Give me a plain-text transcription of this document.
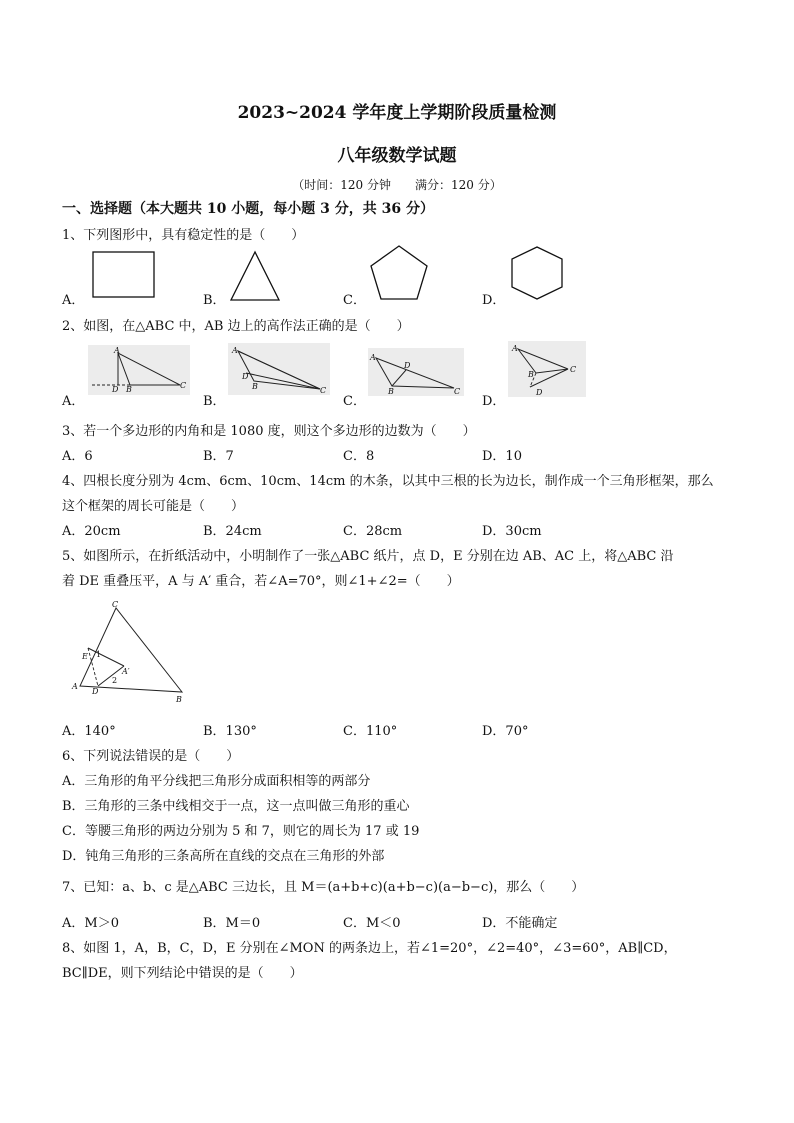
2023~2024 学年度上学期阶段质量检测
八年级数学试题
（时间：120 分钟　　满分：120 分）
一、选择题（本大题共 10 小题，每小题 3 分，共 36 分）
1、下列图形中，具有稳定性的是（　　）
A．	B．	C．	D．
2、如图，在△ABC 中，AB 边上的高作法正确的是（　　）
A．	B．	C．	D．
A
D B	C
A
D
B	C
A
D
B	C
A
B
C
D
3、若一个多边形的内角和是 1080 度，则这个多边形的边数为（　　）
A．6	B．7	C．8	D．10
4、四根长度分别为 4cm、6cm、10cm、14cm 的木条，以其中三根的长为边长，制作成一个三角形框架，那么
这个框架的周长可能是（　　）
A．20cm	B．24cm	C．28cm	D．30cm
5、如图所示，在折纸活动中，小明制作了一张△ABC 纸片，点 D，E 分别在边 AB、AC 上，将△ABC 沿
着 DE 重叠压平，A 与 A′ 重合，若∠A=70°，则∠1+∠2=（　　）
C
E 1
A′
2
A
D
B
A．140°	B．130°	C．110°	D．70°
6、下列说法错误的是（　　）
A．三角形的角平分线把三角形分成面积相等的两部分
B．三角形的三条中线相交于一点，这一点叫做三角形的重心
C．等腰三角形的两边分别为 5 和 7，则它的周长为 17 或 19
D．钝角三角形的三条高所在直线的交点在三角形的外部
7、已知：a、b、c 是△ABC 三边长，且 M＝(a+b+c)(a+b−c)(a−b−c)，那么（　　）
A．M＞0	B．M＝0	C．M＜0	D．不能确定
8、如图 1，A，B，C，D，E 分别在∠MON 的两条边上，若∠1=20°，∠2=40°，∠3=60°，AB∥CD，
BC∥DE，则下列结论中错误的是（　　）
